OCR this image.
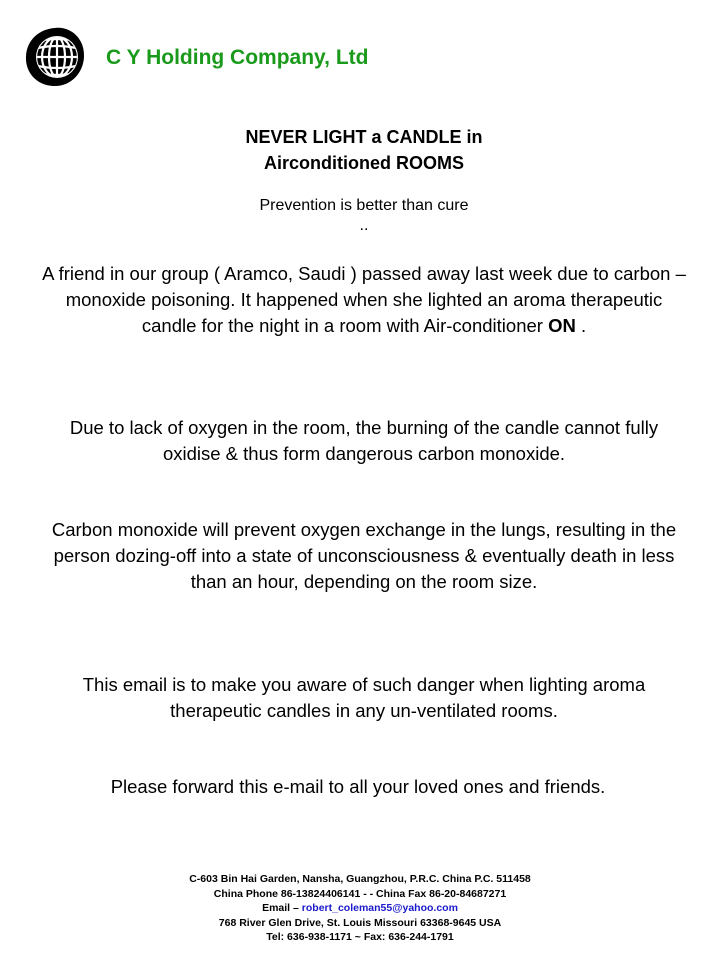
C Y Holding Company, Ltd
NEVER LIGHT a CANDLE in
Airconditioned ROOMS
Prevention is better than cure
..
A friend in our group ( Aramco, Saudi ) passed away last week due to carbon –monoxide poisoning. It happened when she lighted an aroma therapeutic candle for the night in a room with Air-conditioner ON .
Due to lack of oxygen in the room, the burning of the candle cannot fully oxidise & thus form dangerous carbon monoxide.
Carbon monoxide will prevent oxygen exchange in the lungs, resulting in the person dozing-off into a state of unconsciousness & eventually death in less than an hour, depending on the room size.
This email is to make you aware of such danger when lighting aroma therapeutic candles in any un-ventilated rooms.
Please forward this e-mail to all your loved ones and friends.
C-603 Bin Hai Garden, Nansha, Guangzhou, P.R.C. China P.C. 511458
China Phone 86-13824406141 - - China Fax 86-20-84687271
Email – robert_coleman55@yahoo.com
768 River Glen Drive, St. Louis Missouri 63368-9645 USA
Tel: 636-938-1171 ~ Fax: 636-244-1791
